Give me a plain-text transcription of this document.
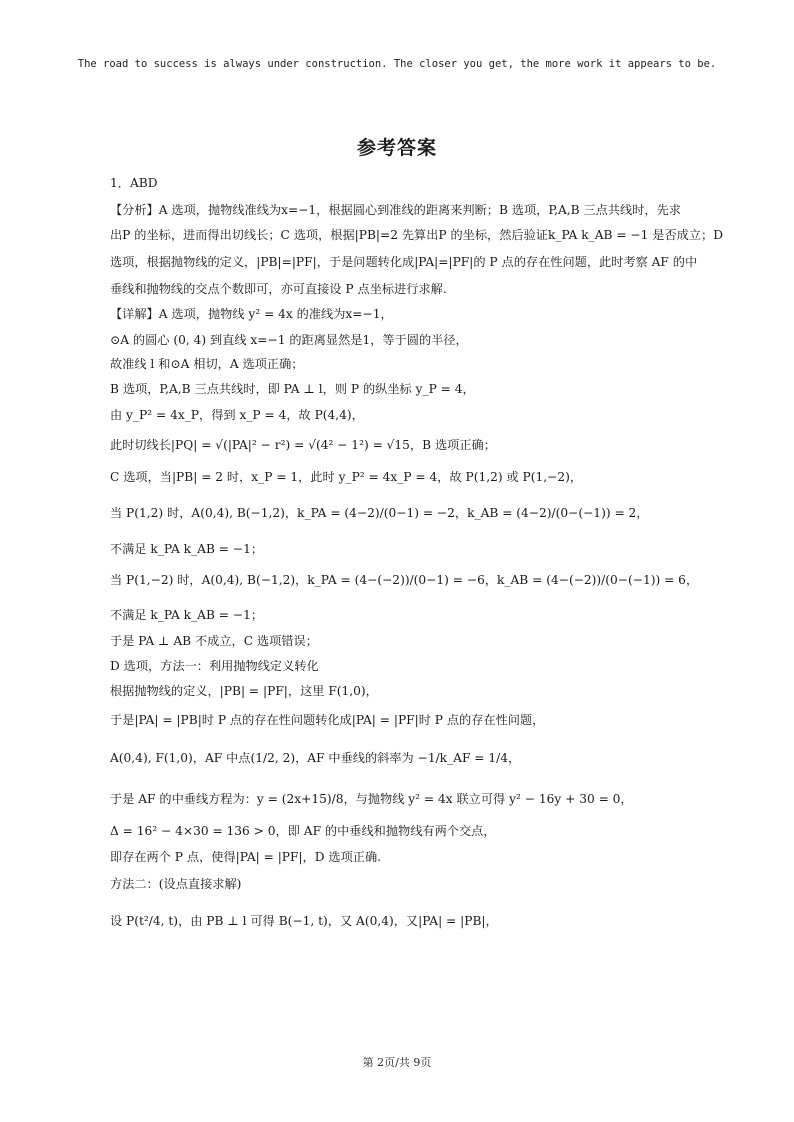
The road to success is always under construction. The closer you get, the more work it appears to be.
参考答案
1．ABD
【分析】A 选项，抛物线准线为x=−1，根据圆心到准线的距离来判断；B 选项，P,A,B 三点共线时，先求
出P 的坐标，进而得出切线长；C 选项，根据|PB|=2 先算出P 的坐标，然后验证k_PA k_AB = −1 是否成立；D
选项，根据抛物线的定义，|PB|=|PF|，于是问题转化成|PA|=|PF|的 P 点的存在性问题，此时考察 AF 的中
垂线和抛物线的交点个数即可，亦可直接设 P 点坐标进行求解.
【详解】A 选项，抛物线 y² = 4x 的准线为x=−1，
⊙A 的圆心 (0, 4) 到直线 x=−1 的距离显然是1，等于圆的半径，
故准线 l 和⊙A 相切，A 选项正确；
B 选项，P,A,B 三点共线时，即 PA ⊥ l，则 P 的纵坐标 y_P = 4，
由 y_P² = 4x_P，得到 x_P = 4，故 P(4,4)，
此时切线长|PQ| = √(|PA|² − r²) = √(4² − 1²) = √15，B 选项正确；
C 选项，当|PB| = 2 时，x_P = 1，此时 y_P² = 4x_P = 4，故 P(1,2) 或 P(1,−2)，
当 P(1,2) 时，A(0,4), B(−1,2)，k_PA = (4−2)/(0−1) = −2，k_AB = (4−2)/(0−(−1)) = 2，
不满足 k_PA k_AB = −1；
当 P(1,−2) 时，A(0,4), B(−1,2)，k_PA = (4−(−2))/(0−1) = −6，k_AB = (4−(−2))/(0−(−1)) = 6，
不满足 k_PA k_AB = −1；
于是 PA ⊥ AB 不成立，C 选项错误；
D 选项，方法一：利用抛物线定义转化
根据抛物线的定义，|PB| = |PF|，这里 F(1,0)，
于是|PA| = |PB|时 P 点的存在性问题转化成|PA| = |PF|时 P 点的存在性问题，
A(0,4), F(1,0)，AF 中点(1/2, 2)，AF 中垂线的斜率为 −1/k_AF = 1/4，
于是 AF 的中垂线方程为：y = (2x+15)/8，与抛物线 y² = 4x 联立可得 y² − 16y + 30 = 0，
Δ = 16² − 4×30 = 136 > 0，即 AF 的中垂线和抛物线有两个交点，
即存在两个 P 点，使得|PA| = |PF|，D 选项正确.
方法二：(设点直接求解)
设 P(t²/4, t)，由 PB ⊥ l 可得 B(−1, t)，又 A(0,4)，又|PA| = |PB|，
第 2页/共 9页
